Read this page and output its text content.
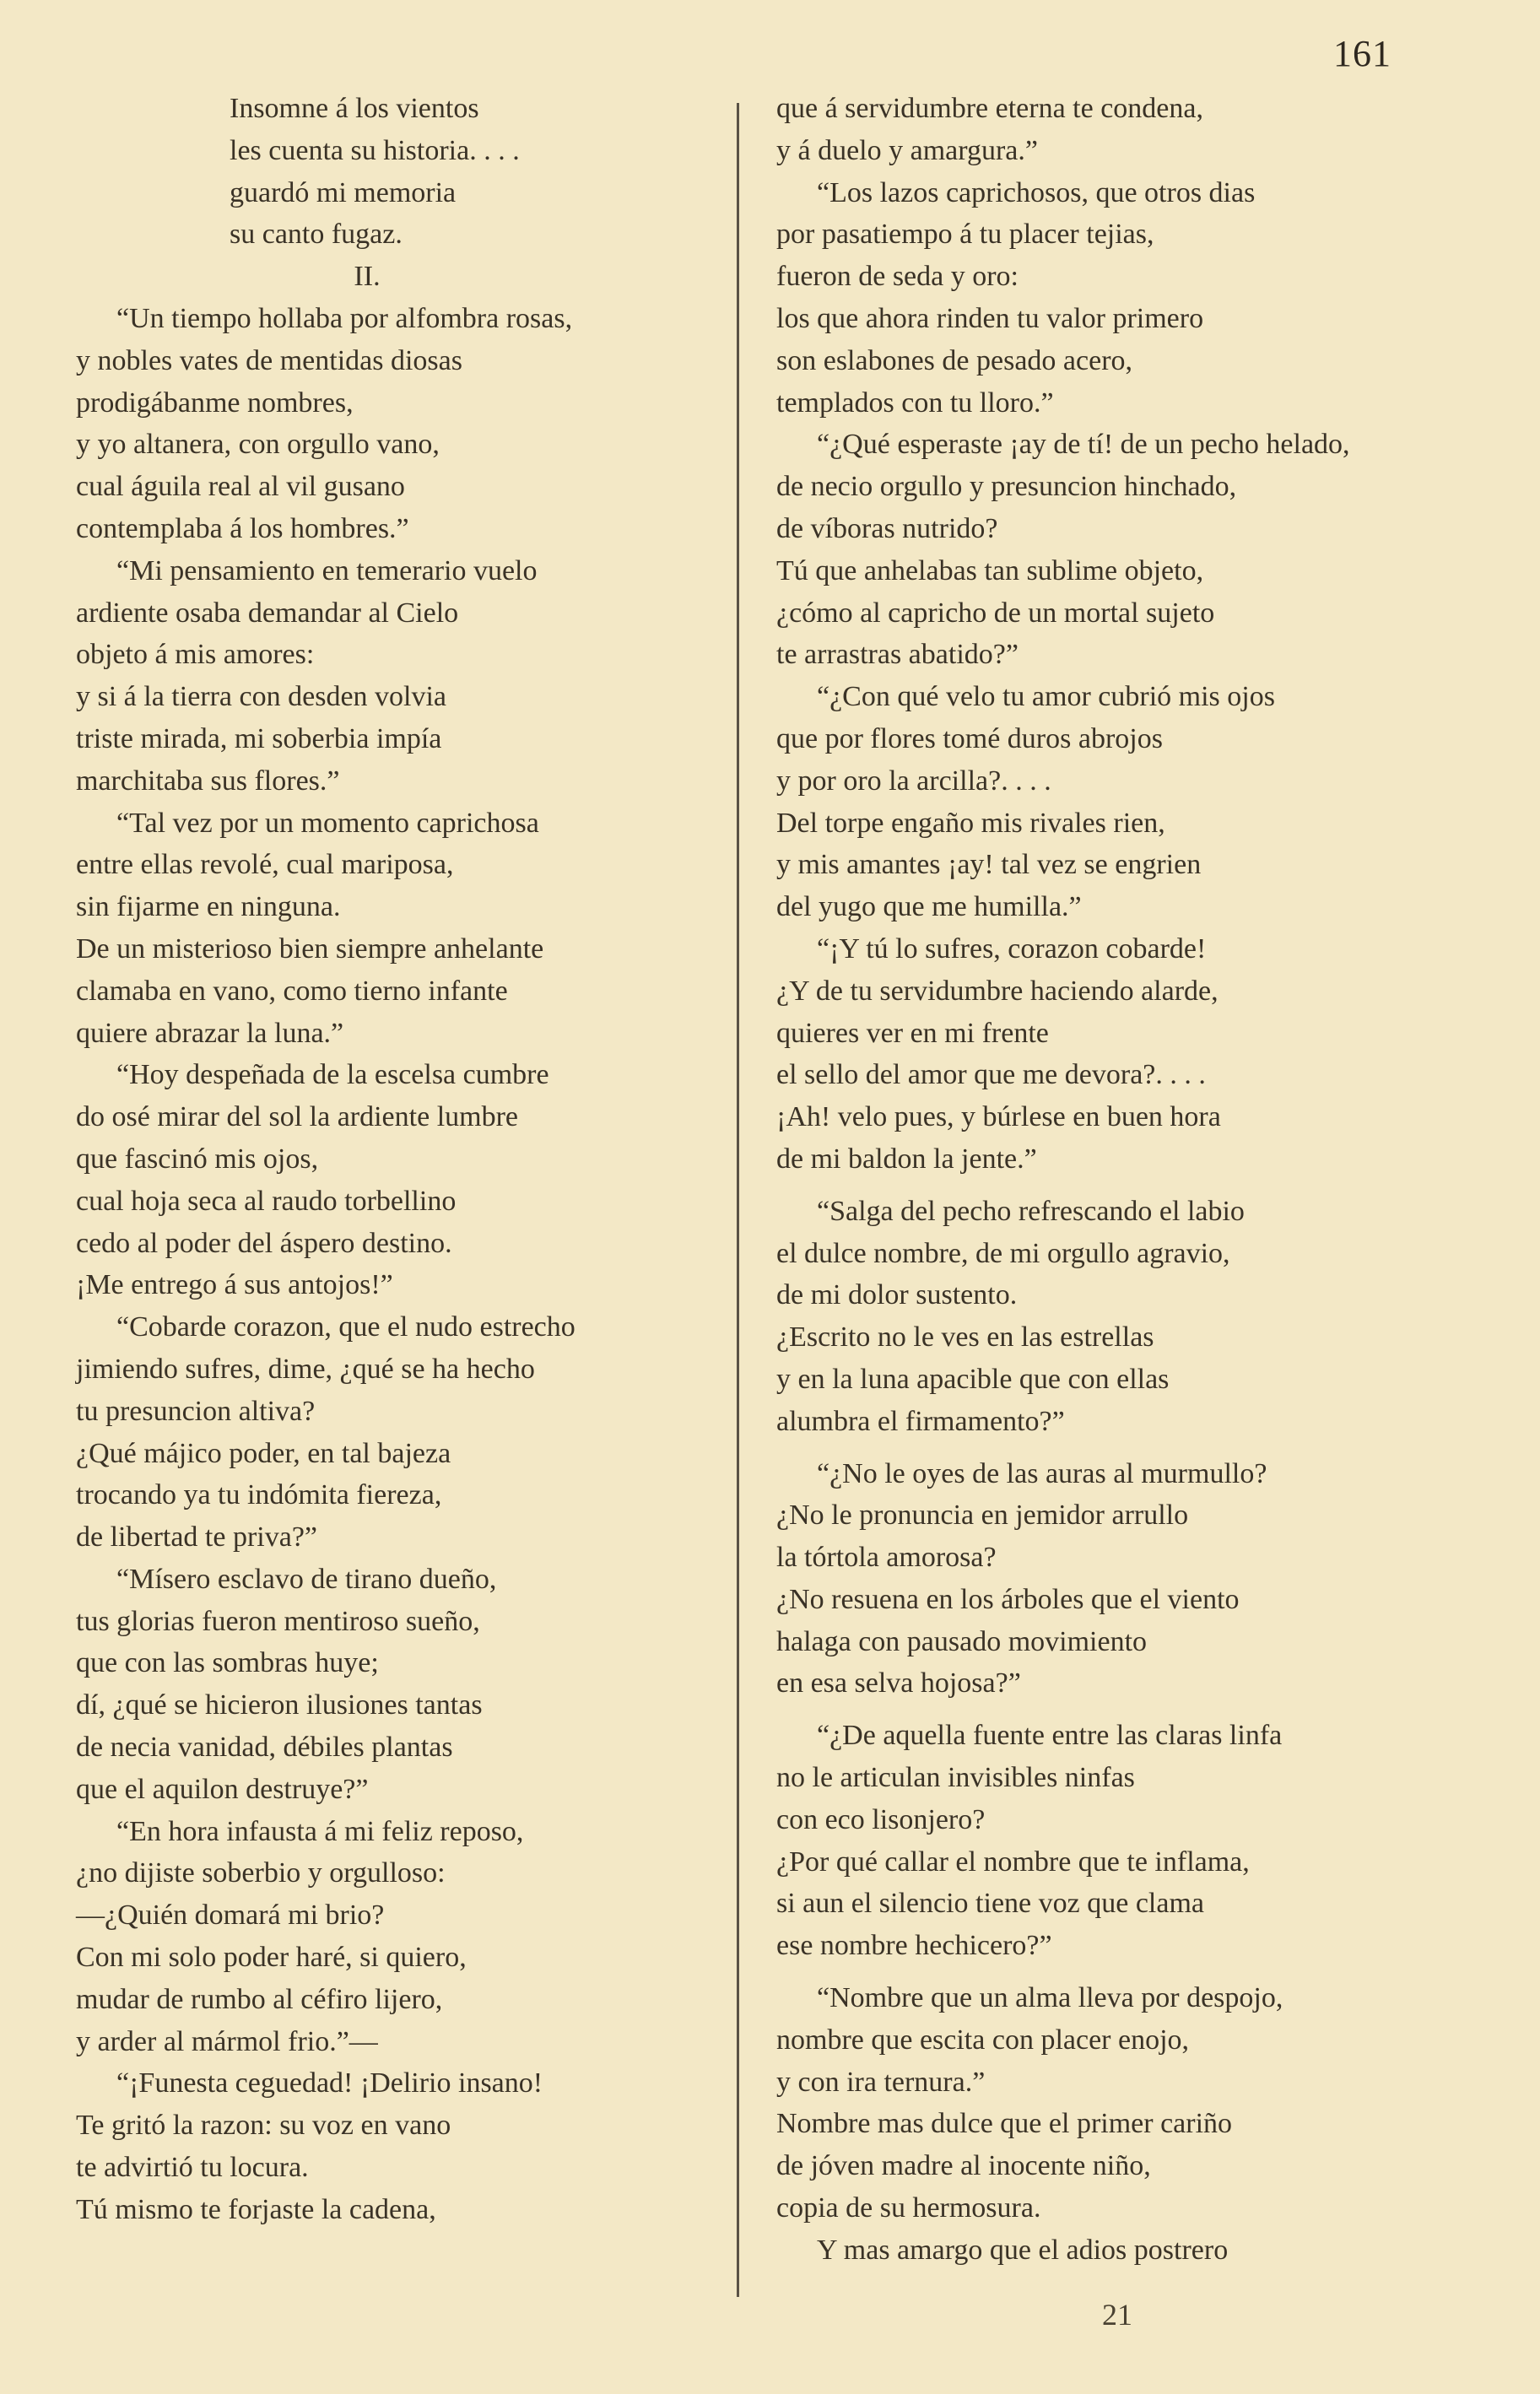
161
Insomne á los vientos
les cuenta su historia. . . .
guardó mi memoria
su canto fugaz.
II.
“Un tiempo hollaba por alfombra rosas,
y nobles vates de mentidas diosas
prodigábanme nombres,
y yo altanera, con orgullo vano,
cual águila real al vil gusano
contemplaba á los hombres.”
“Mi pensamiento en temerario vuelo
ardiente osaba demandar al Cielo
objeto á mis amores:
y si á la tierra con desden volvia
triste mirada, mi soberbia impía
marchitaba sus flores.”
“Tal vez por un momento caprichosa
entre ellas revolé, cual mariposa,
sin fijarme en ninguna.
De un misterioso bien siempre anhelante
clamaba en vano, como tierno infante
quiere abrazar la luna.”
“Hoy despeñada de la escelsa cumbre
do osé mirar del sol la ardiente lumbre
que fascinó mis ojos,
cual hoja seca al raudo torbellino
cedo al poder del áspero destino.
¡Me entrego á sus antojos!”
“Cobarde corazon, que el nudo estrecho
jimiendo sufres, dime, ¿qué se ha hecho
tu presuncion altiva?
¿Qué májico poder, en tal bajeza
trocando ya tu indómita fiereza,
de libertad te priva?”
“Mísero esclavo de tirano dueño,
tus glorias fueron mentiroso sueño,
que con las sombras huye;
dí, ¿qué se hicieron ilusiones tantas
de necia vanidad, débiles plantas
que el aquilon destruye?”
“En hora infausta á mi feliz reposo,
¿no dijiste soberbio y orgulloso:
—¿Quién domará mi brio?
Con mi solo poder haré, si quiero,
mudar de rumbo al céfiro lijero,
y arder al mármol frio.”—
“¡Funesta ceguedad! ¡Delirio insano!
Te gritó la razon: su voz en vano
te advirtió tu locura.
Tú mismo te forjaste la cadena,
que á servidumbre eterna te condena,
y á duelo y amargura.”
“Los lazos caprichosos, que otros dias
por pasatiempo á tu placer tejias,
fueron de seda y oro:
los que ahora rinden tu valor primero
son eslabones de pesado acero,
templados con tu lloro.”
“¿Qué esperaste ¡ay de tí! de un pecho helado,
de necio orgullo y presuncion hinchado,
de víboras nutrido?
Tú que anhelabas tan sublime objeto,
¿cómo al capricho de un mortal sujeto
te arrastras abatido?”
“¿Con qué velo tu amor cubrió mis ojos
que por flores tomé duros abrojos
y por oro la arcilla?. . . .
Del torpe engaño mis rivales rien,
y mis amantes ¡ay! tal vez se engrien
del yugo que me humilla.”
“¡Y tú lo sufres, corazon cobarde!
¿Y de tu servidumbre haciendo alarde,
quieres ver en mi frente
el sello del amor que me devora?. . . .
¡Ah! velo pues, y búrlese en buen hora
de mi baldon la jente.”
“Salga del pecho refrescando el labio
el dulce nombre, de mi orgullo agravio,
de mi dolor sustento.
¿Escrito no le ves en las estrellas
y en la luna apacible que con ellas
alumbra el firmamento?”
“¿No le oyes de las auras al murmullo?
¿No le pronuncia en jemidor arrullo
la tórtola amorosa?
¿No resuena en los árboles que el viento
halaga con pausado movimiento
en esa selva hojosa?”
“¿De aquella fuente entre las claras linfa
no le articulan invisibles ninfas
con eco lisonjero?
¿Por qué callar el nombre que te inflama,
si aun el silencio tiene voz que clama
ese nombre hechicero?”
“Nombre que un alma lleva por despojo,
nombre que escita con placer enojo,
y con ira ternura.”
Nombre mas dulce que el primer cariño
de jóven madre al inocente niño,
copia de su hermosura.
Y mas amargo que el adios postrero
21
